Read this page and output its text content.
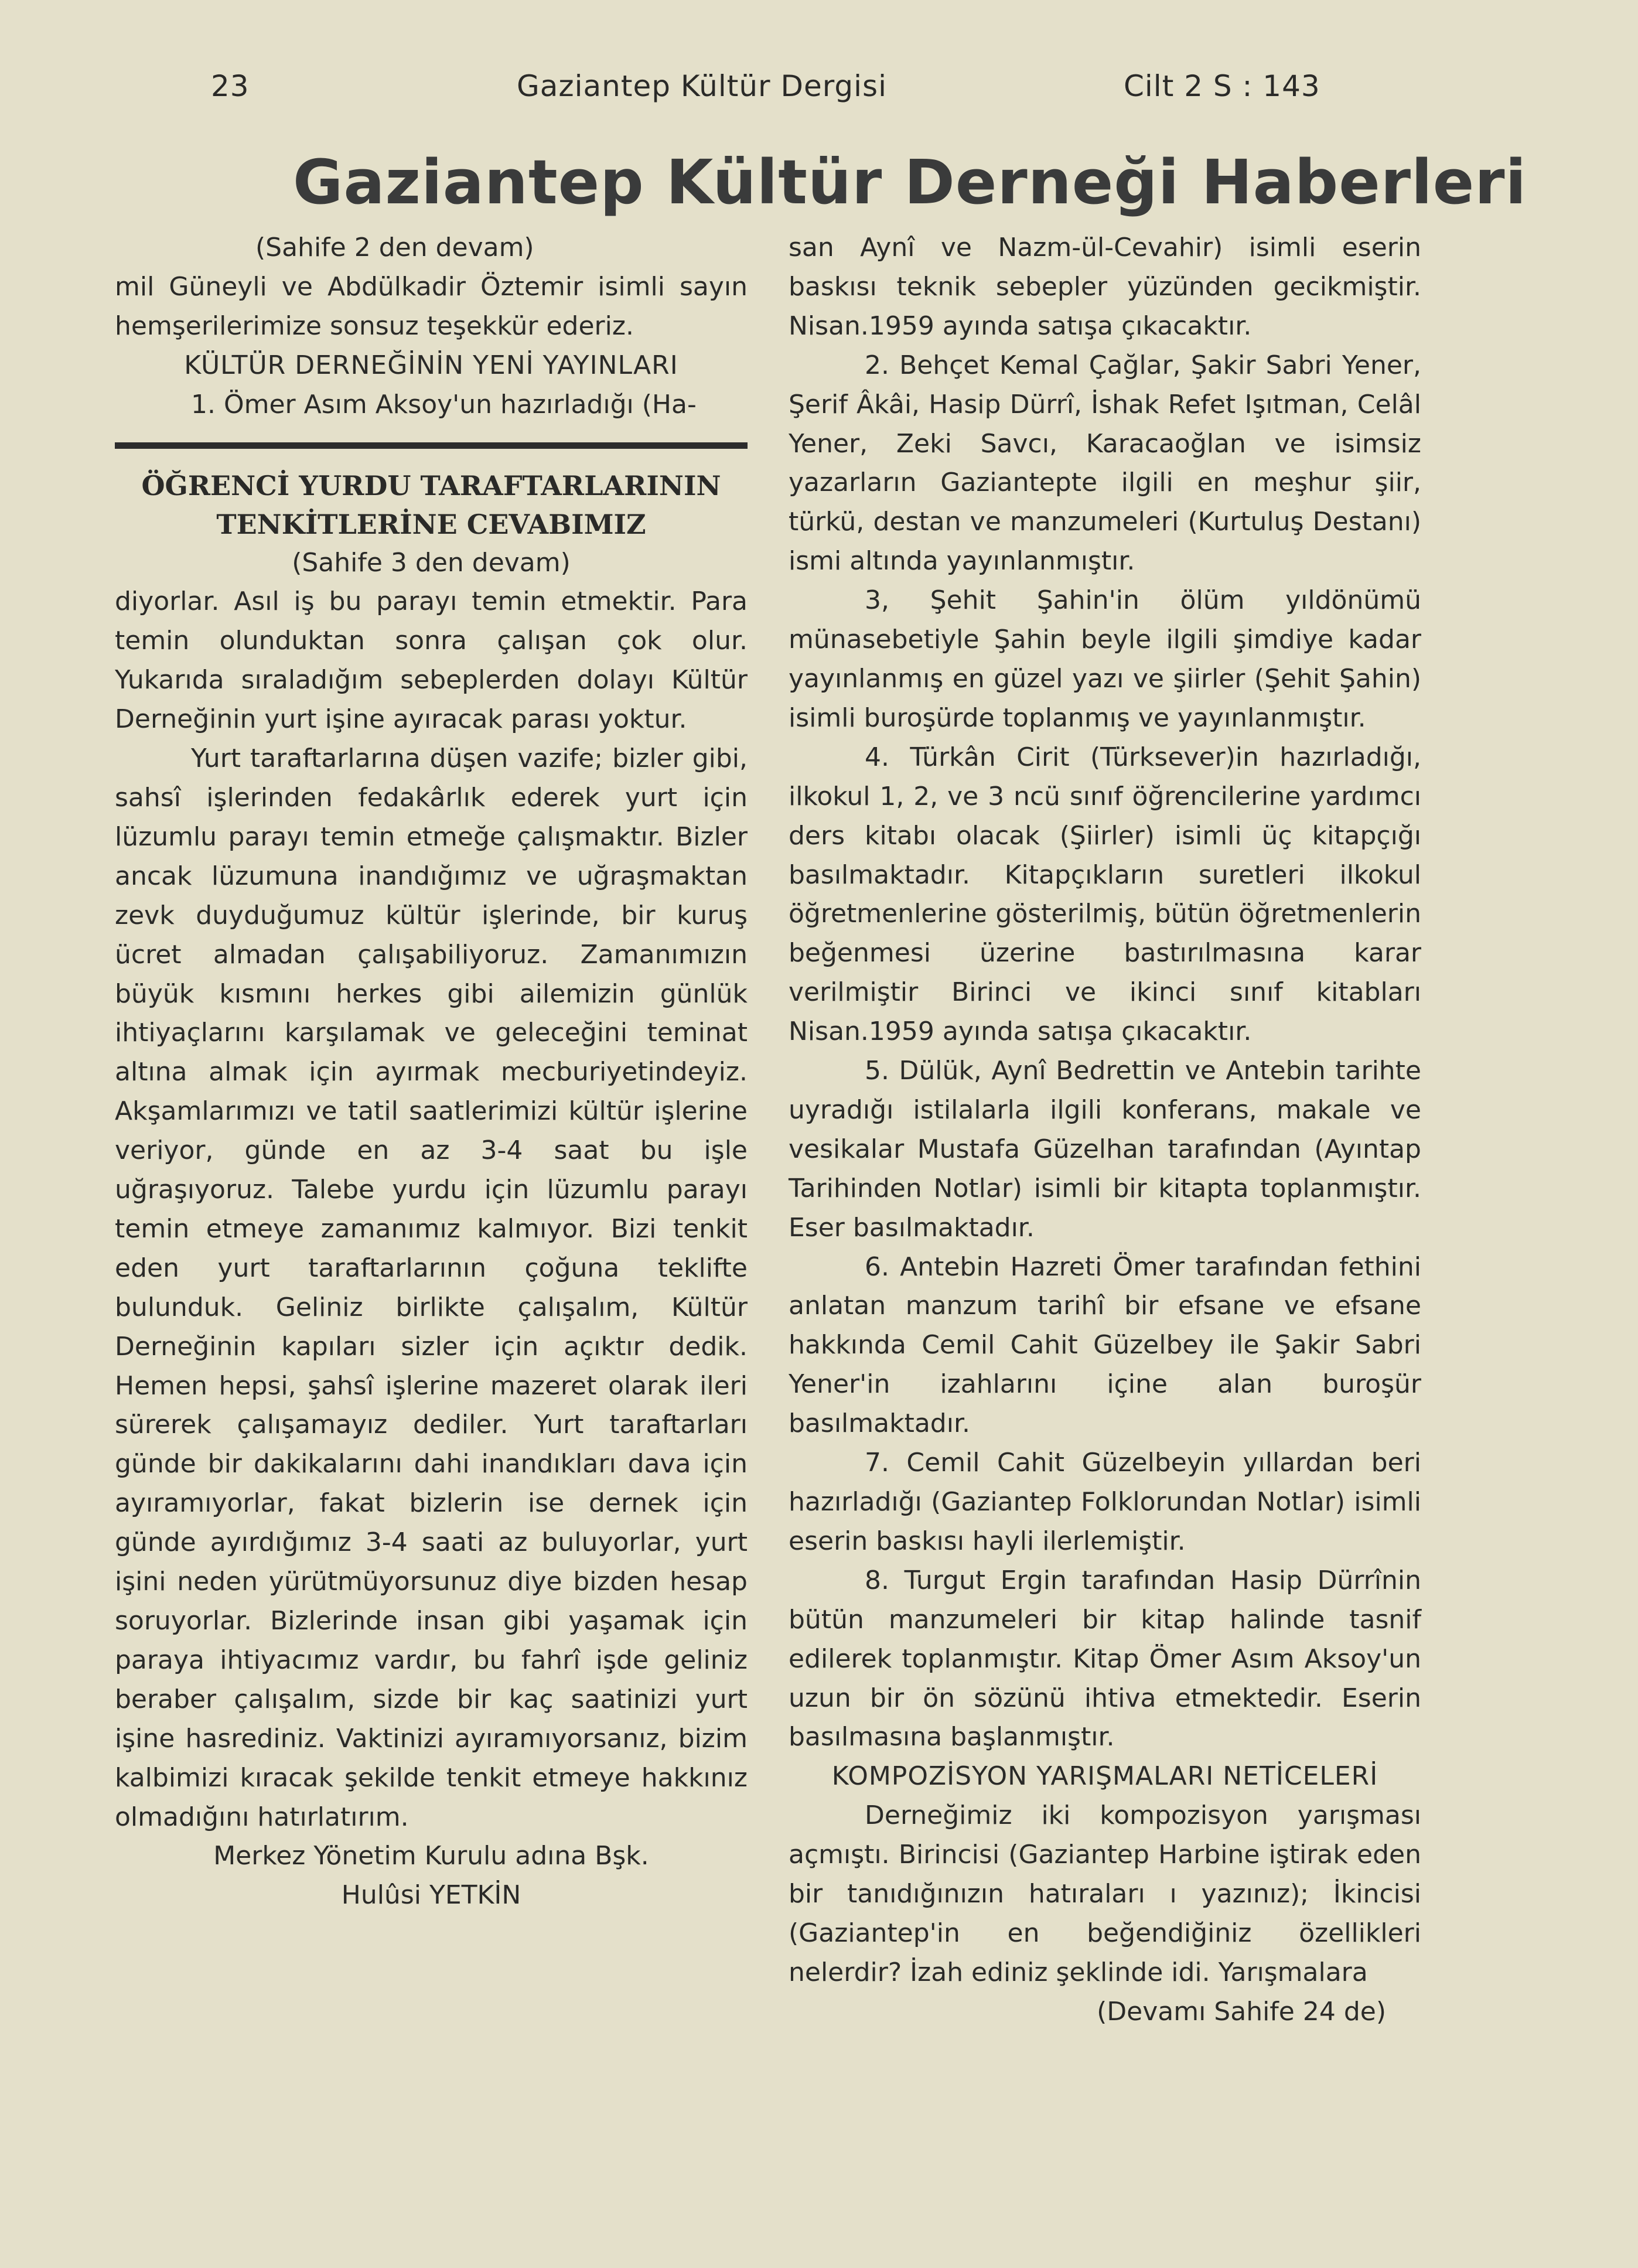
23	Gaziantep Kültür Dergisi	Cilt 2 S : 143
Gaziantep Kültür Derneği Haberleri

(Sahife 2 den devam)

mil Güneyli ve Abdülkadir Öztemir isimli sayın hemşerilerimize sonsuz teşekkür ederiz.

KÜLTÜR DERNEĞİNİN YENİ YAYINLARI

1. Ömer Asım Aksoy'un hazırladığı (Ha-

ÖĞRENCİ YURDU TARAFTARLARININ

TENKİTLERİNE CEVABIMIZ

(Sahife 3 den devam)

diyorlar. Asıl iş bu parayı temin etmektir. Para temin olunduktan sonra çalışan çok olur. Yukarıda sıraladığım sebeplerden dolayı Kültür Derneğinin yurt işine ayıracak parası yoktur.

Yurt taraftarlarına düşen vazife; bizler gibi, sahsî işlerinden fedakârlık ederek yurt için lüzumlu parayı temin etmeğe çalışmaktır. Bizler ancak lüzumuna inandığımız ve uğraşmaktan zevk duyduğumuz kültür işlerinde, bir kuruş ücret almadan çalışabiliyoruz. Zamanımızın büyük kısmını herkes gibi ailemizin günlük ihtiyaçlarını karşılamak ve geleceğini teminat altına almak için ayırmak mecburiyetindeyiz. Akşamlarımızı ve tatil saatlerimizi kültür işlerine veriyor, günde en az 3-4 saat bu işle uğraşıyoruz. Talebe yurdu için lüzumlu parayı temin etmeye zamanımız kalmıyor. Bizi tenkit eden yurt taraftarlarının çoğuna teklifte bulunduk. Geliniz birlikte çalışalım, Kültür Derneğinin kapıları sizler için açıktır dedik. Hemen hepsi, şahsî işlerine mazeret olarak ileri sürerek çalışamayız dediler. Yurt taraftarları günde bir dakikalarını dahi inandıkları dava için ayıramıyorlar, fakat bizlerin ise dernek için günde ayırdığımız 3-4 saati az buluyorlar, yurt işini neden yürütmüyorsunuz diye bizden hesap soruyorlar. Bizlerinde insan gibi yaşamak için paraya ihtiyacımız vardır, bu fahrî işde geliniz beraber çalışalım, sizde bir kaç saatinizi yurt işine hasrediniz. Vaktinizi ayıramıyorsanız, bizim kalbimizi kıracak şekilde tenkit etmeye hakkınız olmadığını hatırlatırım.

Merkez Yönetim Kurulu adına Bşk.

Hulûsi YETKİN

san Aynî ve Nazm-ül-Cevahir) isimli eserin baskısı teknik sebepler yüzünden gecikmiştir. Nisan.1959 ayında satışa çıkacaktır.

2. Behçet Kemal Çağlar, Şakir Sabri Yener, Şerif Âkâi, Hasip Dürrî, İshak Refet Işıtman, Celâl Yener, Zeki Savcı, Karacaoğlan ve isimsiz yazarların Gaziantepte ilgili en meşhur şiir, türkü, destan ve manzumeleri (Kurtuluş Destanı) ismi altında yayınlanmıştır.

3, Şehit Şahin'in ölüm yıldönümü münasebetiyle Şahin beyle ilgili şimdiye kadar yayınlanmış en güzel yazı ve şiirler (Şehit Şahin) isimli buroşürde toplanmış ve yayınlanmıştır.

4. Türkân Cirit (Türksever)in hazırladığı, ilkokul 1, 2, ve 3 ncü sınıf öğrencilerine yardımcı ders kitabı olacak (Şiirler) isimli üç kitapçığı basılmaktadır. Kitapçıkların suretleri ilkokul öğretmenlerine gösterilmiş, bütün öğretmenlerin beğenmesi üzerine bastırılmasına karar verilmiştir Birinci ve ikinci sınıf kitabları Nisan.1959 ayında satışa çıkacaktır.

5. Dülük, Aynî Bedrettin ve Antebin tarihte uyradığı istilalarla ilgili konferans, makale ve vesikalar Mustafa Güzelhan tarafından (Ayıntap Tarihinden Notlar) isimli bir kitapta toplanmıştır. Eser basılmaktadır.

6. Antebin Hazreti Ömer tarafından fethini anlatan manzum tarihî bir efsane ve efsane hakkında Cemil Cahit Güzelbey ile Şakir Sabri Yener'in izahlarını içine alan buroşür basılmaktadır.

7. Cemil Cahit Güzelbeyin yıllardan beri hazırladığı (Gaziantep Folklorundan Notlar) isimli eserin baskısı hayli ilerlemiştir.

8. Turgut Ergin tarafından Hasip Dürrînin bütün manzumeleri bir kitap halinde tasnif edilerek toplanmıştır. Kitap Ömer Asım Aksoy'un uzun bir ön sözünü ihtiva etmektedir. Eserin basılmasına başlanmıştır.

KOMPOZİSYON YARIŞMALARI NETİCELERİ

Derneğimiz iki kompozisyon yarışması açmıştı. Birincisi (Gaziantep Harbine iştirak eden bir tanıdığınızın hatıraları ı yazınız); İkincisi (Gaziantep'in en beğendiğiniz özellikleri nelerdir? İzah ediniz şeklinde idi. Yarışmalara

(Devamı Sahife 24 de)
